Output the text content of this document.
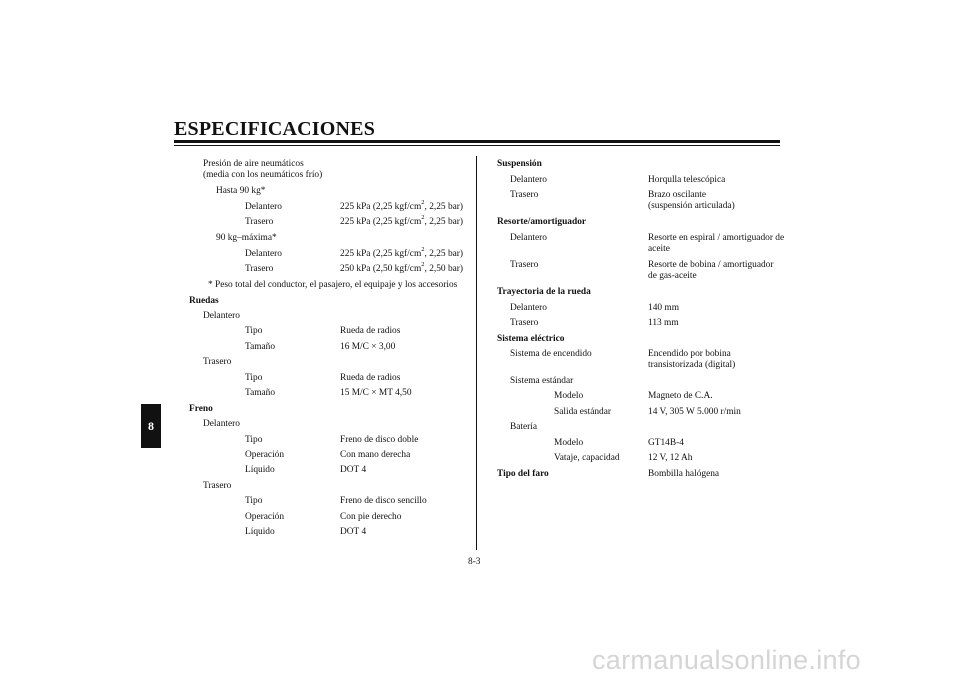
ESPECIFICACIONES
8
Presión de aire neumáticos
(media con los neumáticos frío)
Hasta 90 kg*
Delantero	225 kPa (2,25 kgf/$cm^2$, 2,25 bar)
Trasero	225 kPa (2,25 kgf/$cm^2$, 2,25 bar)
90 kg–máxima*
Delantero	225 kPa (2,25 kgf/$cm^2$, 2,25 bar)
Trasero	250 kPa (2,50 kgf/$cm^2$, 2,50 bar)
* Peso total del conductor, el pasajero, el equipaje y los accesorios
Ruedas
Delantero
Tipo	Rueda de radios
Tamaño	16 M/C × 3,00
Trasero
Tipo	Rueda de radios
Tamaño	15 M/C × MT 4,50
Freno
Delantero
Tipo	Freno de disco doble
Operación	Con mano derecha
Líquido	DOT 4
Trasero
Tipo	Freno de disco sencillo
Operación	Con pie derecho
Líquido	DOT 4
Suspensión
Delantero	Horqulla telescópica
Trasero	Brazo oscilante
(suspensión articulada)
Resorte/amortiguador
Delantero	Resorte en espiral / amortiguador de
aceite
Trasero	Resorte de bobina / amortiguador
de gas-aceite
Trayectoria de la rueda
Delantero	140 mm
Trasero	113 mm
Sistema eléctrico
Sistema de encendido	Encendido por bobina
transistorizada (digital)
Sistema estándar
Modelo	Magneto de C.A.
Salida estándar	14 V, 305 W 5.000 r/min
Batería
Modelo	GT14B-4
Vataje, capacidad	12 V, 12 Ah
Tipo del faro	Bombilla halógena
8-3
carmanualsonline.info
